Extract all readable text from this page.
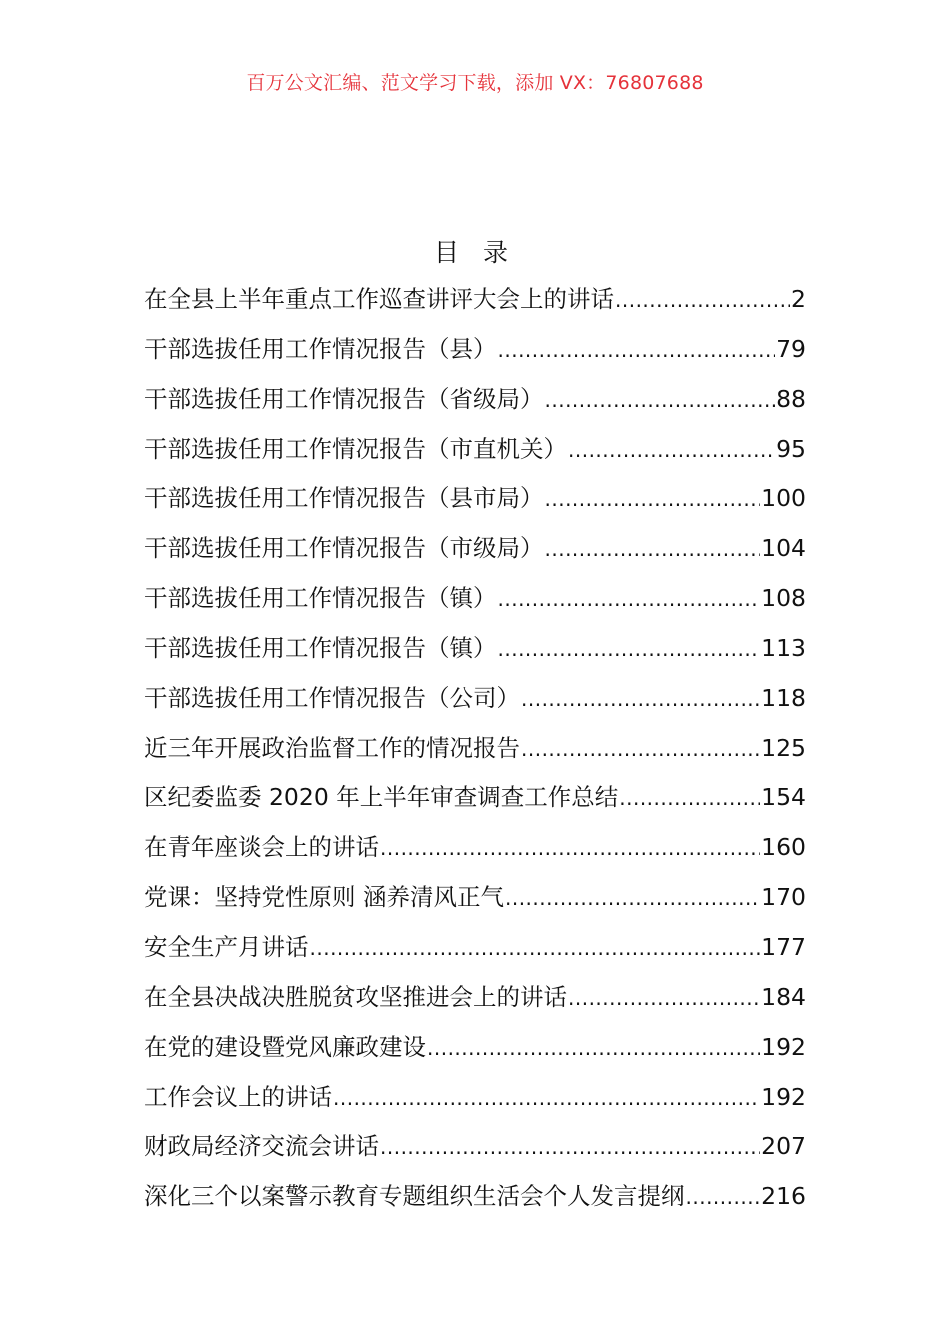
百万公文汇编、范文学习下载，添加 VX：76807688
目 录
在全县上半年重点工作巡查讲评大会上的讲话 .....	2
干部选拔任用工作情况报告（县） .....	79
干部选拔任用工作情况报告（省级局） .....	88
干部选拔任用工作情况报告（市直机关） .....	95
干部选拔任用工作情况报告（县市局） .....	100
干部选拔任用工作情况报告（市级局） .....	104
干部选拔任用工作情况报告（镇） .....	108
干部选拔任用工作情况报告（镇） .....	113
干部选拔任用工作情况报告（公司） .....	118
近三年开展政治监督工作的情况报告 .....	125
区纪委监委 2020 年上半年审查调查工作总结 .....	154
在青年座谈会上的讲话 .....	160
党课：坚持党性原则 涵养清风正气 .....	170
安全生产月讲话 .....	177
在全县决战决胜脱贫攻坚推进会上的讲话 .....	184
在党的建设暨党风廉政建设 .....	192
工作会议上的讲话 .....	192
财政局经济交流会讲话 .....	207
深化三个以案警示教育专题组织生活会个人发言提纲 .....	216
